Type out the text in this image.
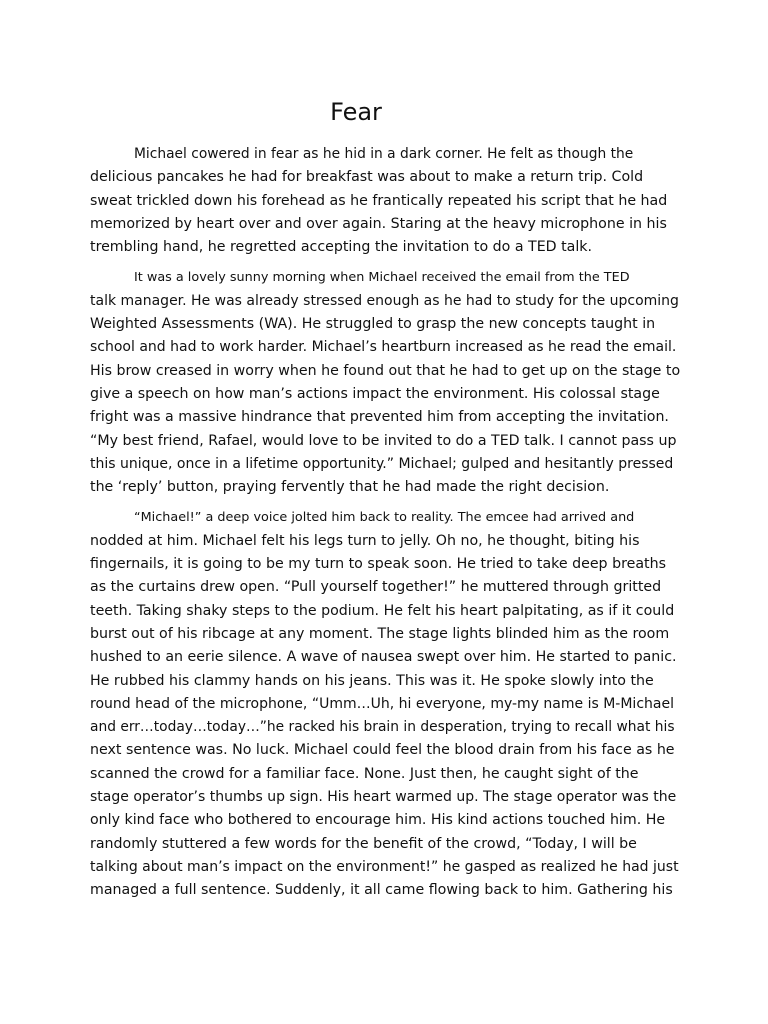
Fear
Michael cowered in fear as he hid in a dark corner. He felt as though the
delicious pancakes he had for breakfast was about to make a return trip. Cold
sweat trickled down his forehead as he frantically repeated his script that he had
memorized by heart over and over again. Staring at the heavy microphone in his
trembling hand, he regretted accepting the invitation to do a TED talk.
It was a lovely sunny morning when Michael received the email from the TED
talk manager. He was already stressed enough as he had to study for the upcoming
Weighted Assessments (WA). He struggled to grasp the new concepts taught in
school and had to work harder. Michael’s heartburn increased as he read the email.
His brow creased in worry when he found out that he had to get up on the stage to
give a speech on how man’s actions impact the environment. His colossal stage
fright was a massive hindrance that prevented him from accepting the invitation.
“My best friend, Rafael, would love to be invited to do a TED talk. I cannot pass up
this unique, once in a lifetime opportunity.” Michael; gulped and hesitantly pressed
the ‘reply’ button, praying fervently that he had made the right decision.
“Michael!” a deep voice jolted him back to reality. The emcee had arrived and
nodded at him. Michael felt his legs turn to jelly. Oh no, he thought, biting his
fingernails, it is going to be my turn to speak soon. He tried to take deep breaths
as the curtains drew open. “Pull yourself together!” he muttered through gritted
teeth. Taking shaky steps to the podium. He felt his heart palpitating, as if it could
burst out of his ribcage at any moment. The stage lights blinded him as the room
hushed to an eerie silence. A wave of nausea swept over him. He started to panic.
He rubbed his clammy hands on his jeans. This was it. He spoke slowly into the
round head of the microphone, “Umm…Uh, hi everyone, my-my name is M-Michael
and err…today…today…”he racked his brain in desperation, trying to recall what his
next sentence was. No luck. Michael could feel the blood drain from his face as he
scanned the crowd for a familiar face. None. Just then, he caught sight of the
stage operator’s thumbs up sign. His heart warmed up. The stage operator was the
only kind face who bothered to encourage him. His kind actions touched him. He
randomly stuttered a few words for the benefit of the crowd, “Today, I will be
talking about man’s impact on the environment!” he gasped as realized he had just
managed a full sentence. Suddenly, it all came flowing back to him. Gathering his
